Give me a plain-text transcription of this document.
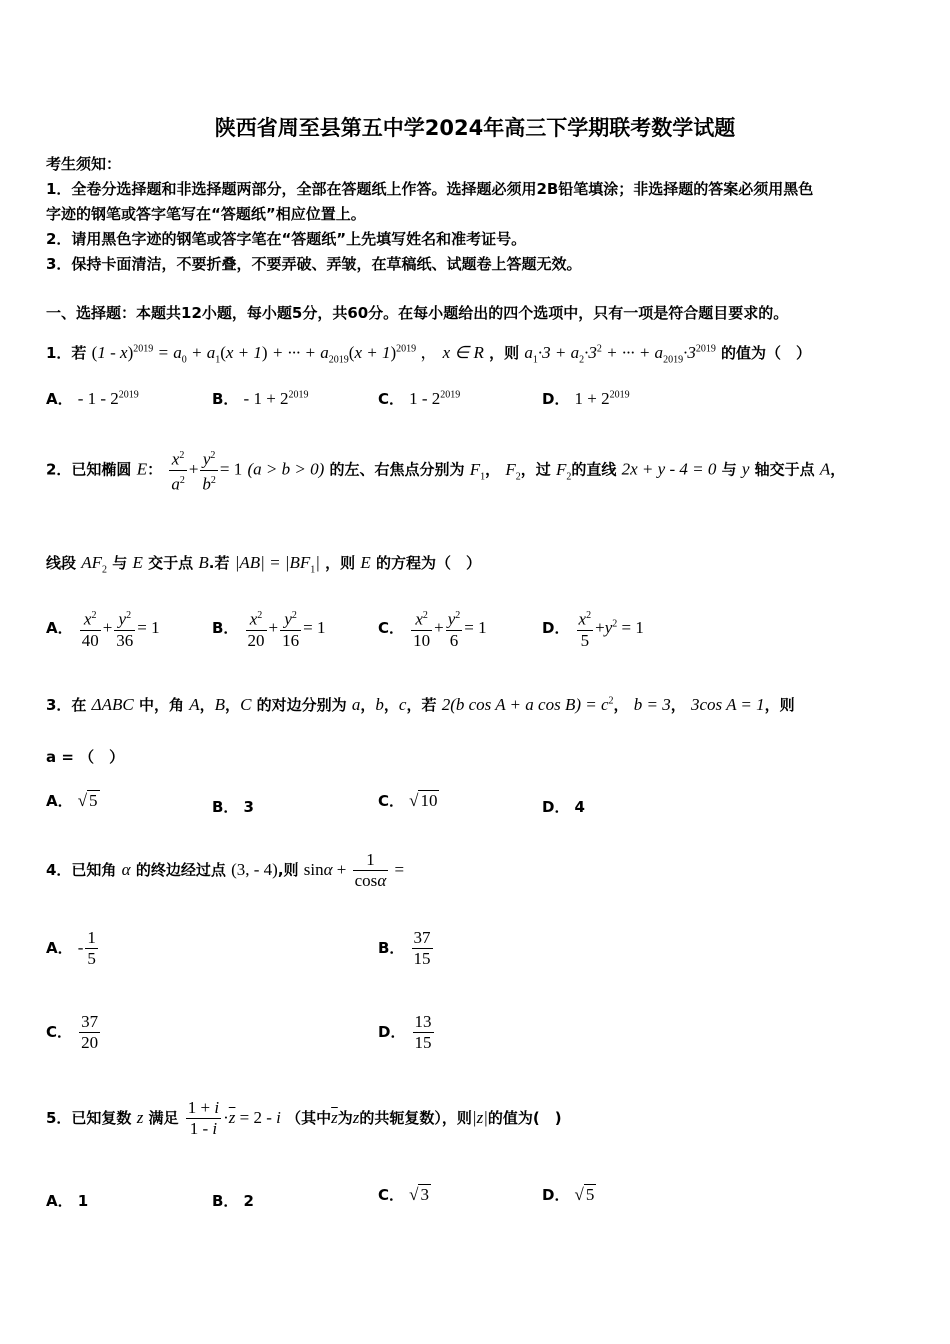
陕西省周至县第五中学2024年高三下学期联考数学试题
考生须知：
1．全卷分选择题和非选择题两部分，全部在答题纸上作答。选择题必须用2B铅笔填涂；非选择题的答案必须用黑色
字迹的钢笔或答字笔写在“答题纸”相应位置上。
2．请用黑色字迹的钢笔或答字笔在“答题纸”上先填写姓名和准考证号。
3．保持卡面清洁，不要折叠，不要弄破、弄皱，在草稿纸、试题卷上答题无效。
一、选择题：本题共12小题，每小题5分，共60分。在每小题给出的四个选项中，只有一项是符合题目要求的。
1．若 $(1 - x)^{2019} = a_0 + a_1(x + 1)$ + ··· + $a_{2019}(x + 1)^{2019}$ ， x ∈ R ，则 $a_1\cdot 3 + a_2\cdot 3^2$ + ··· + $a_{2019}\cdot 3^{2019}$ 的值为（　）
A． - $1 - 2^{2019}$	B． - $1 + 2^{2019}$	C． $1 - 2^{2019}$	D． $1 + 2^{2019}$
2．已知椭圆 E： $\frac{x^2}{a^2} + \frac{y^2}{b^2} = 1$ (a > b > 0) 的左、右焦点分别为 $F_1$， $F_2$，过 $F_2$的直线 2x + y - 4 = 0 与 y 轴交于点 A，
线段 $AF_2$ 与 E 交于点 B.若 $|AB| = |BF_1|$ ，则 E 的方程为（　）
A． $\frac{x^2}{40} + \frac{y^2}{36} = 1$	B． $\frac{x^2}{20} + \frac{y^2}{16} = 1$	C． $\frac{x^2}{10} + \frac{y^2}{6} = 1$	D． $\frac{x^2}{5} +y^2 = 1$
3．在 ΔABC 中，角 A，B，C 的对边分别为 a，b，c，若 2(b cos A + a $\cos B) = c^2$， b = 3， 3cos A = 1，则
a = （　）
A． √ 5	B． 3	C． √ 10	D． 4
4．已知角 α 的终边经过点 (3, - 4),则 $\sin\alpha + \frac{1}{\cos\alpha}$ =
A． - $\frac{1}{5}$	B． $\frac{37}{15}$
C． $\frac{37}{20}$	D． $\frac{13}{15}$
5．已知复数 z 满足 $\frac{1 + i}{1 - i} \cdot\overline{z} = 2 - i$ （其中$\overline{z}$为z的共轭复数），则|z|的值为(　)
A． 1	B． 2	C． √ 3	D． √ 5
